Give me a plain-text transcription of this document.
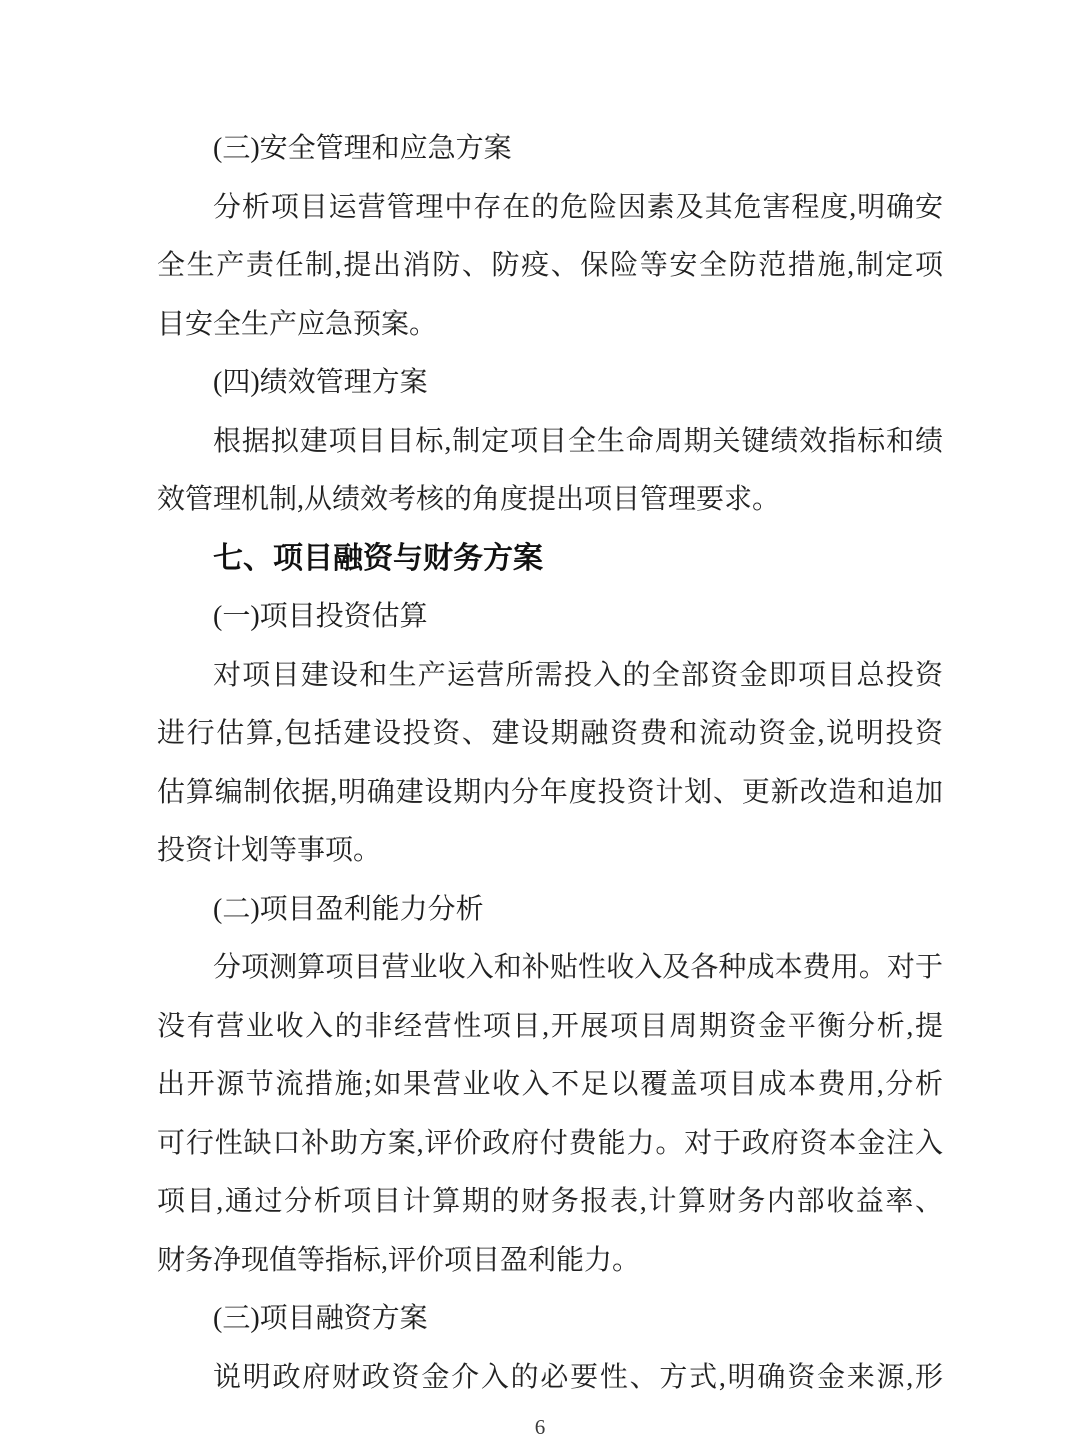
(三)安全管理和应急方案
分析项目运营管理中存在的危险因素及其危害程度,明确安
全生产责任制,提出消防、防疫、保险等安全防范措施,制定项
目安全生产应急预案。
(四)绩效管理方案
根据拟建项目目标,制定项目全生命周期关键绩效指标和绩
效管理机制,从绩效考核的角度提出项目管理要求。
七、项目融资与财务方案
(一)项目投资估算
对项目建设和生产运营所需投入的全部资金即项目总投资
进行估算,包括建设投资、建设期融资费和流动资金,说明投资
估算编制依据,明确建设期内分年度投资计划、更新改造和追加
投资计划等事项。
(二)项目盈利能力分析
分项测算项目营业收入和补贴性收入及各种成本费用。对于
没有营业收入的非经营性项目,开展项目周期资金平衡分析,提
出开源节流措施;如果营业收入不足以覆盖项目成本费用,分析
可行性缺口补助方案,评价政府付费能力。对于政府资本金注入
项目,通过分析项目计算期的财务报表,计算财务内部收益率、
财务净现值等指标,评价项目盈利能力。
(三)项目融资方案
说明政府财政资金介入的必要性、方式,明确资金来源,形
6
